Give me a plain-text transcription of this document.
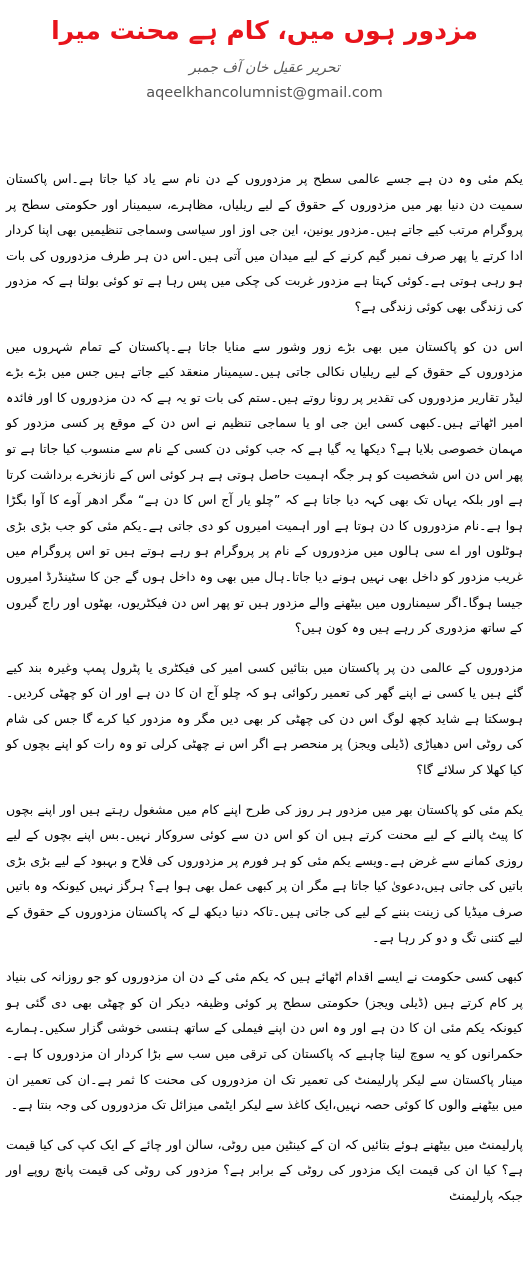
مزدور ہوں میں، کام ہے محنت میرا
تحریر عقیل خان آف جمبر
aqeelkhancolumnist@gmail.com

یکم مئی وہ دن ہے جسے عالمی سطح پر مزدوروں کے دن نام سے یاد کیا جاتا ہے۔اس پاکستان سمیت دن دنیا بھر میں مزدوروں کے حقوق کے لیے ریلیاں، مظاہرے، سیمینار اور حکومتی سطح پر پروگرام مرتب کیے جاتے ہیں۔مزدور یونین، این جی اوز اور سیاسی وسماجی تنظیمیں بھی اپنا کردار ادا کرتے یا پھر صرف نمبر گیم کرنے کے لیے میدان میں آتی ہیں۔اس دن ہر طرف مزدوروں کی بات ہو رہی ہوتی ہے۔کوئی کہتا ہے مزدور غربت کی چکی میں پس رہا ہے تو کوئی بولتا ہے کہ مزدور کی زندگی بھی کوئی زندگی ہے؟

اس دن کو پاکستان میں بھی بڑے زور وشور سے منایا جاتا ہے۔پاکستان کے تمام شہروں میں مزدوروں کے حقوق کے لیے ریلیاں نکالی جاتی ہیں۔سیمینار منعقد کیے جاتے ہیں جس میں بڑے بڑے لیڈر تقاریر مزدوروں کی تقدیر پر رونا روتے ہیں۔ستم کی بات تو یہ ہے کہ دن مزدوروں کا اور فائدہ امیر اٹھاتے ہیں۔کبھی کسی این جی او یا سماجی تنظیم نے اس دن کے موقع پر کسی مزدور کو مہمان خصوصی بلایا ہے؟ دیکھا یہ گیا ہے کہ جب کوئی دن کسی کے نام سے منسوب کیا جاتا ہے تو پھر اس دن اس شخصیت کو ہر جگہ اہمیت حاصل ہوتی ہے ہر کوئی اس کے نازنخرے برداشت کرتا ہے اور بلکہ یہاں تک بھی کہہ دیا جاتا ہے کہ ”چلو یار آج اس کا دن ہے“ مگر ادھر آوے کا آوا بگڑا ہوا ہے۔نام مزدوروں کا دن ہوتا ہے اور اہمیت امیروں کو دی جاتی ہے۔یکم مئی کو جب بڑی بڑی ہوٹلوں اور اے سی ہالوں میں مزدوروں کے نام پر پروگرام ہو رہے ہوتے ہیں تو اس پروگرام میں غریب مزدور کو داخل بھی نہیں ہونے دیا جاتا۔ہال میں بھی وہ داخل ہوں گے جن کا سٹینڈرڈ امیروں جیسا ہوگا۔اگر سیمناروں میں بیٹھنے والے مزدور ہیں تو پھر اس دن فیکٹریوں، بھٹوں اور راج گیروں کے ساتھ مزدوری کر رہے ہیں وہ کون ہیں؟

مزدوروں کے عالمی دن پر پاکستان میں بتائیں کسی امیر کی فیکٹری یا پٹرول پمپ وغیرہ بند کیے گئے ہیں یا کسی نے اپنے گھر کی تعمیر رکوائی ہو کہ چلو آج ان کا دن ہے اور ان کو چھٹی کردیں۔ہوسکتا ہے شاید کچھ لوگ اس دن کی چھٹی کر بھی دیں مگر وہ مزدور کیا کرے گا جس کی شام کی روٹی اس دھیاڑی (ڈیلی ویجز) پر منحصر ہے اگر اس نے چھٹی کرلی تو وہ رات کو اپنے بچوں کو کیا کھلا کر سلائے گا؟

یکم مئی کو پاکستان بھر میں مزدور ہر روز کی طرح اپنے کام میں مشغول رہتے ہیں اور اپنے بچوں کا پیٹ پالنے کے لیے محنت کرتے ہیں ان کو اس دن سے کوئی سروکار نہیں۔بس اپنے بچوں کے لیے روزی کمانے سے غرض ہے۔ویسے یکم مئی کو ہر فورم پر مزدوروں کی فلاح و بہبود کے لیے بڑی بڑی باتیں کی جاتی ہیں،دعویٰ کیا جاتا ہے مگر ان پر کبھی عمل بھی ہوا ہے؟ ہرگز نہیں کیونکہ وہ باتیں صرف میڈیا کی زینت بننے کے لیے کی جاتی ہیں۔تاکہ دنیا دیکھ لے کہ پاکستان مزدوروں کے حقوق کے لیے کتنی تگ و دو کر رہا ہے۔

کبھی کسی حکومت نے ایسے اقدام اٹھائے ہیں کہ یکم مئی کے دن ان مزدوروں کو جو روزانہ کی بنیاد پر کام کرتے ہیں (ڈیلی ویجز) حکومتی سطح پر کوئی وظیفہ دیکر ان کو چھٹی بھی دی گئی ہو کیونکہ یکم مئی ان کا دن ہے اور وہ اس دن اپنے فیملی کے ساتھ ہنسی خوشی گزار سکیں۔ہمارے حکمرانوں کو یہ سوچ لینا چاہیے کہ پاکستان کی ترقی میں سب سے بڑا کردار ان مزدوروں کا ہے۔مینار پاکستان سے لیکر پارلیمنٹ کی تعمیر تک ان مزدوروں کی محنت کا ثمر ہے۔ان کی تعمیر ان میں بیٹھنے والوں کا کوئی حصہ نہیں،ایک کاغذ سے لیکر ایٹمی میزائل تک مزدوروں کی وجہ بنتا ہے۔

پارلیمنٹ میں بیٹھنے ہوئے بتائیں کہ ان کے کینٹین میں روٹی، سالن اور چائے کے ایک کپ کی کیا قیمت ہے؟ کیا ان کی قیمت ایک مزدور کی روٹی کے برابر ہے؟ مزدور کی روٹی کی قیمت پانچ روپے اور جبکہ پارلیمنٹ
